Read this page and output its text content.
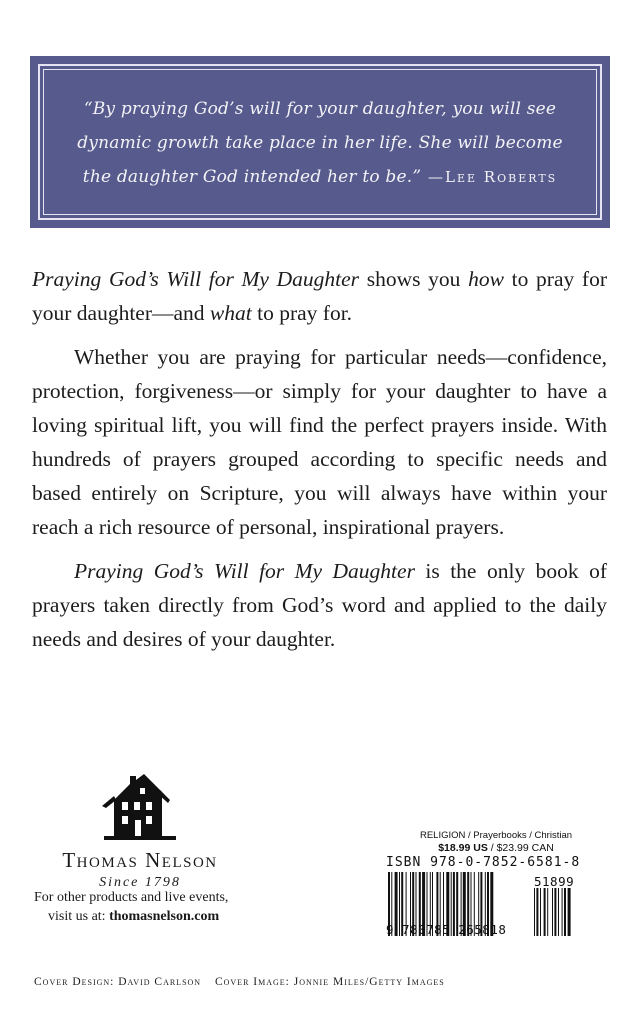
“By praying God’s will for your daughter, you will see dynamic growth take place in her life. She will become the daughter God intended her to be.” —Lee Roberts

Praying God’s Will for My Daughter shows you how to pray for your daughter—and what to pray for.

Whether you are praying for particular needs—confidence, protection, forgiveness—or simply for your daughter to have a loving spiritual lift, you will find the perfect prayers inside. With hundreds of prayers grouped according to specific needs and based entirely on Scripture, you will always have within your reach a rich resource of personal, inspirational prayers.

Praying God’s Will for My Daughter is the only book of prayers taken directly from God’s word and applied to the daily needs and desires of your daughter.

Thomas Nelson
Since 1798
For other products and live events,
visit us at: thomasnelson.com
RELIGION / Prayerbooks / Christian
$18.99 US / $23.99 CAN
ISBN 978-0-7852-6581-8
51899
9 780785 265818
Cover Design: David Carlson Cover Image: Jonnie Miles/Getty Images
